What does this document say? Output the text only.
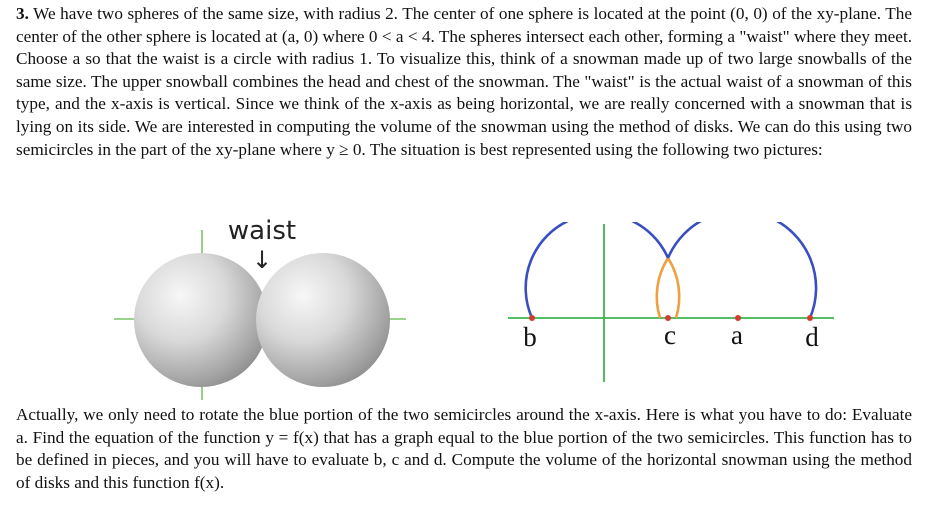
3. We have two spheres of the same size, with radius 2. The center of one sphere is located at the point (0, 0) of the xy-plane. The center of the other sphere is located at (a, 0) where 0 < a < 4. The spheres intersect each other, forming a "waist" where they meet. Choose a so that the waist is a circle with radius 1. To visualize this, think of a snowman made up of two large snowballs of the same size. The upper snowball combines the head and chest of the snowman. The "waist" is the actual waist of a snowman of this type, and the x-axis is vertical. Since we think of the x-axis as being horizontal, we are really concerned with a snowman that is lying on its side. We are interested in computing the volume of the snowman using the method of disks. We can do this using two semicircles in the part of the xy-plane where y ≥ 0. The situation is best represented using the following two pictures:
waist
↓
b	c a d
Actually, we only need to rotate the blue portion of the two semicircles around the x-axis. Here is what you have to do: Evaluate a. Find the equation of the function y = f(x) that has a graph equal to the blue portion of the two semicircles. This function has to be defined in pieces, and you will have to evaluate b, c and d. Compute the volume of the horizontal snowman using the method of disks and this function f(x).
